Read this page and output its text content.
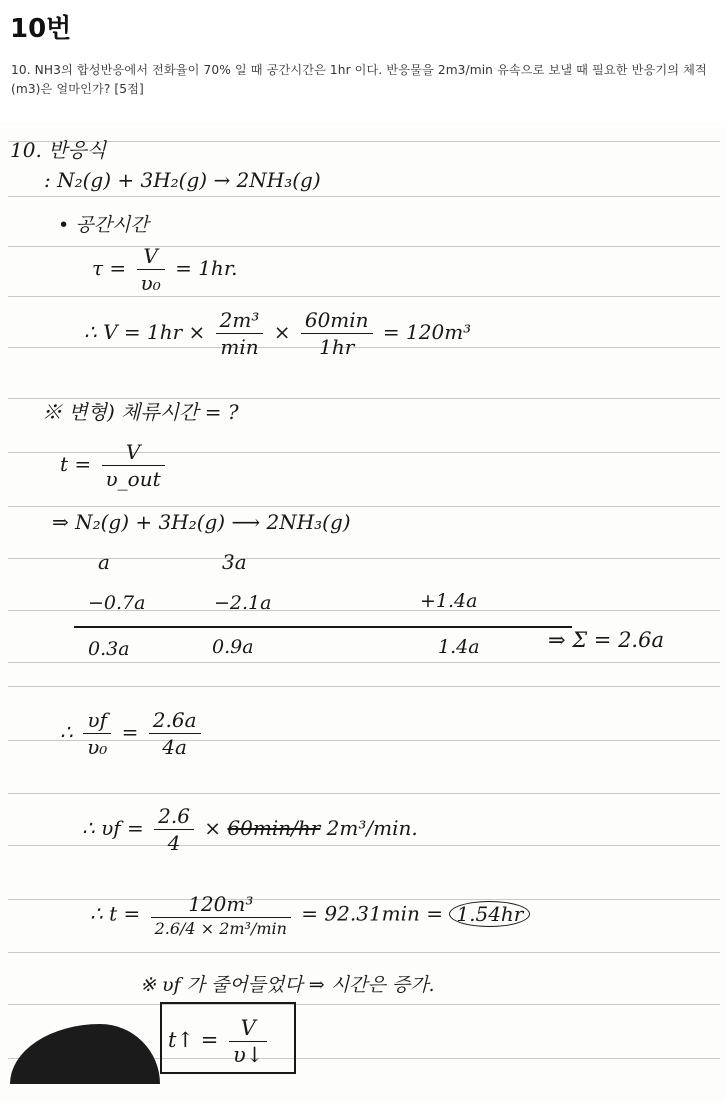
10번

10. NH3의 합성반응에서 전화율이 70% 일 때 공간시간은 1hr 이다. 반응물을 2m3/min 유속으로 보낼 때 필요한 반응기의 체적(m3)은 얼마인가? [5점]

10. 반응식
: N₂(g) + 3H₂(g) → 2NH₃(g)
• 공간시간
$\tau = \frac{V}{\text{υ₀}} = 1hr$.
∴ $V = 1hr \times \frac{\text{2m³}}{\min} \times \frac{60\min}{1hr} = 120m^3$
※ 변형) 체류시간 = ?
$t = \frac{V}{\text{υ\_out}}$
⇒ N₂(g) + 3H₂(g) ⟶ 2NH₃(g)
a	3a
−0.7a	−2.1a	+1.4a
0.3a	0.9a	1.4a	⇒ Σ = 2.6a
∴ $\frac{\upsilon f}{\text{υ₀}} = \frac{2.6a}{4a}$
∴ $\upsilon f = \frac{2.6}{4} \times 60\min/hr$ 2m³/min.
∴ $t = \frac{\text{120m³}}{\text{2.6/4 × 2m³/min}} = 92.31\min = 1.54hr$
※ υf 가 줄어들었다 ⇒ 시간은 증가.
t↑ = $\frac{V}{\upsilon↓}$
